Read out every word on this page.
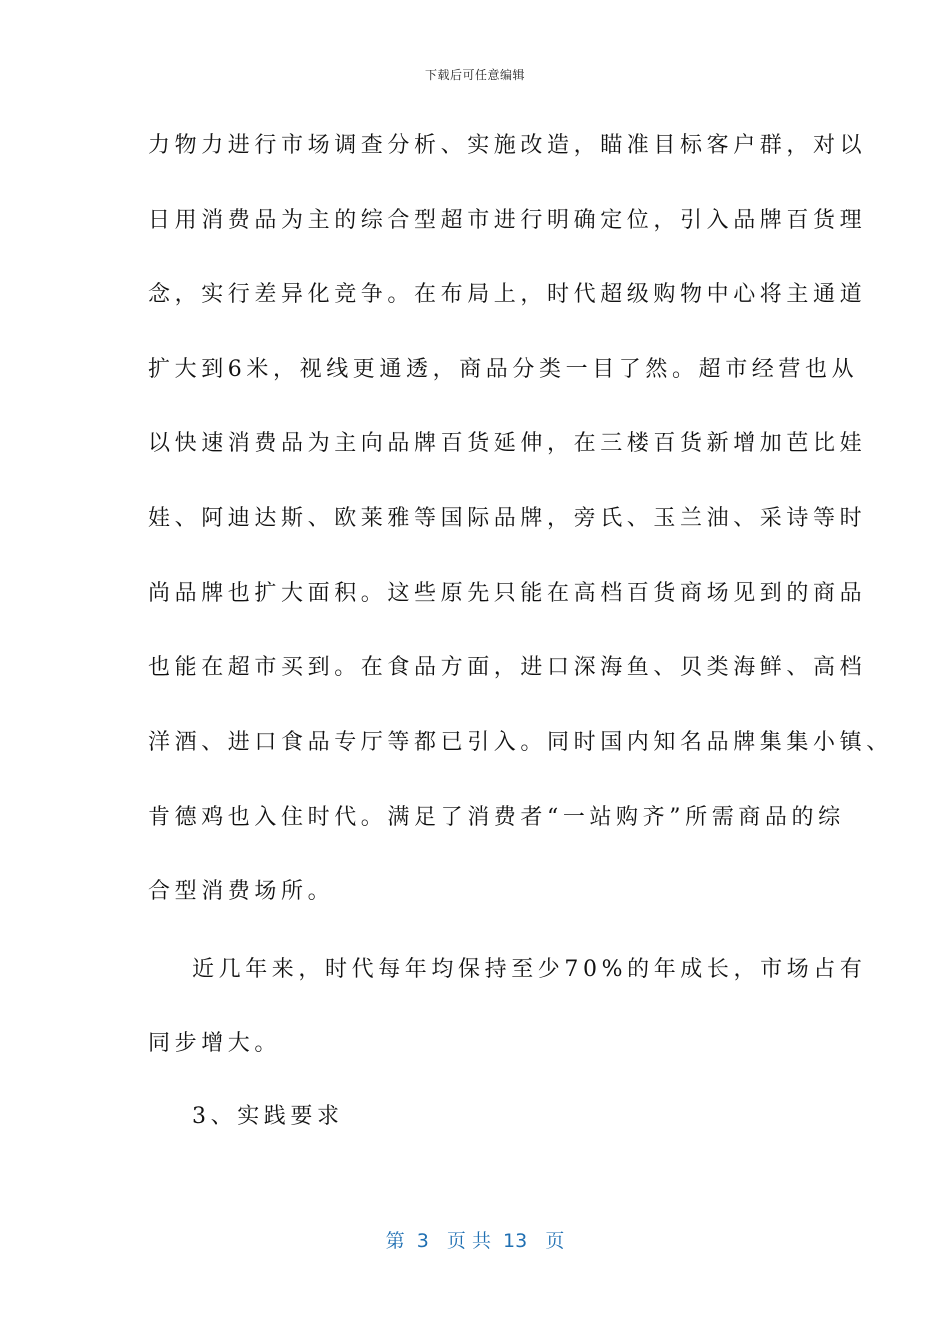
下载后可任意编辑
力物力进行市场调查分析、实施改造，瞄准目标客户群，对以
日用消费品为主的综合型超市进行明确定位，引入品牌百货理
念，实行差异化竞争。在布局上，时代超级购物中心将主通道
扩大到6米，视线更通透，商品分类一目了然。超市经营也从
以快速消费品为主向品牌百货延伸，在三楼百货新增加芭比娃
娃、阿迪达斯、欧莱雅等国际品牌，旁氏、玉兰油、采诗等时
尚品牌也扩大面积。这些原先只能在高档百货商场见到的商品
也能在超市买到。在食品方面，进口深海鱼、贝类海鲜、高档
洋酒、进口食品专厅等都已引入。同时国内知名品牌集集小镇、
肯德鸡也入住时代。满足了消费者“一站购齐”所需商品的综
合型消费场所。
近几年来，时代每年均保持至少70%的年成长，市场占有
同步增大。
3、实践要求
第  3   页 共  13   页
